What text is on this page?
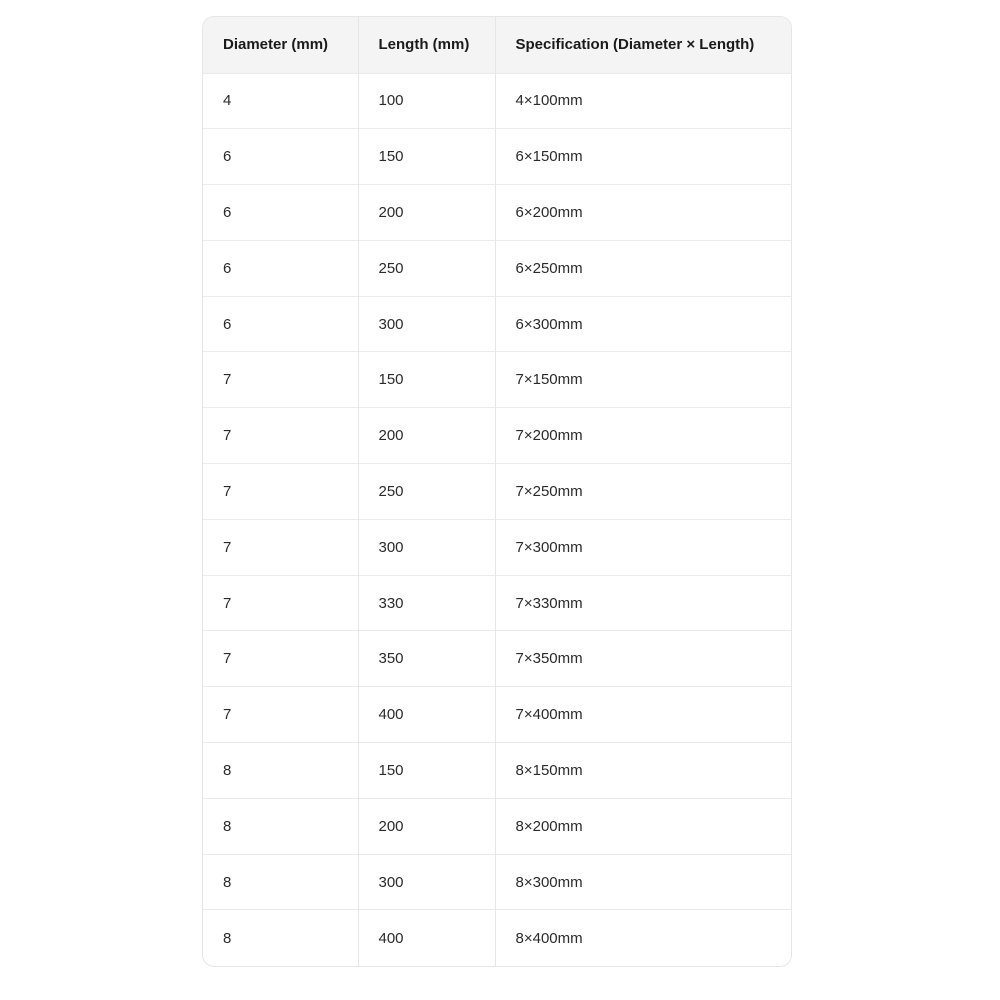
Diameter (mm)	Length (mm)	Specification (Diameter × Length)
4	100	4×100mm
6	150	6×150mm
6	200	6×200mm
6	250	6×250mm
6	300	6×300mm
7	150	7×150mm
7	200	7×200mm
7	250	7×250mm
7	300	7×300mm
7	330	7×330mm
7	350	7×350mm
7	400	7×400mm
8	150	8×150mm
8	200	8×200mm
8	300	8×300mm
8	400	8×400mm
